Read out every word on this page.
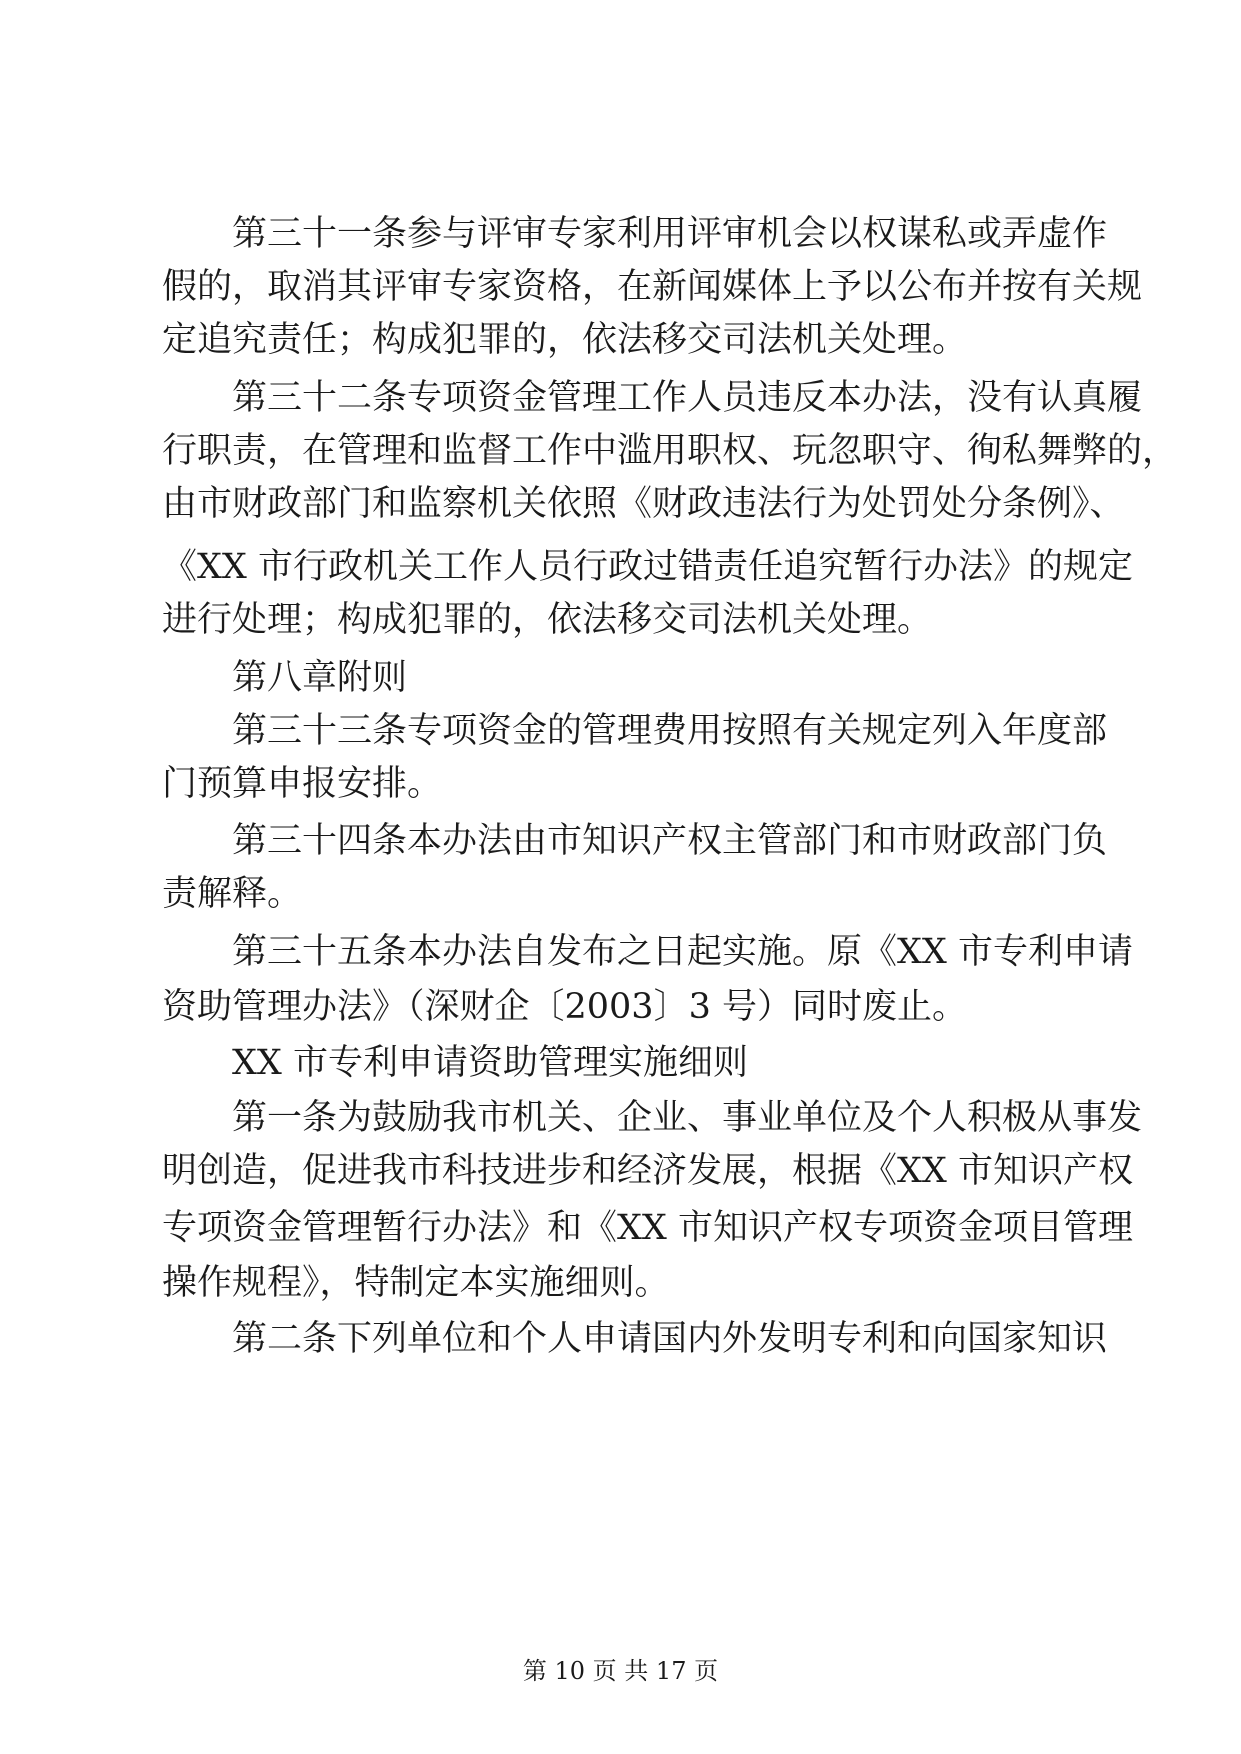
第三十一条参与评审专家利用评审机会以权谋私或弄虚作
假的，取消其评审专家资格，在新闻媒体上予以公布并按有关规
定追究责任；构成犯罪的，依法移交司法机关处理。
第三十二条专项资金管理工作人员违反本办法，没有认真履
行职责，在管理和监督工作中滥用职权、玩忽职守、徇私舞弊的，
由市财政部门和监察机关依照《财政违法行为处罚处分条例》、
《XX 市行政机关工作人员行政过错责任追究暂行办法》的规定
进行处理；构成犯罪的，依法移交司法机关处理。
第八章附则
第三十三条专项资金的管理费用按照有关规定列入年度部
门预算申报安排。
第三十四条本办法由市知识产权主管部门和市财政部门负
责解释。
第三十五条本办法自发布之日起实施。原《XX 市专利申请
资助管理办法》（深财企〔2003〕3 号）同时废止。
XX 市专利申请资助管理实施细则
第一条为鼓励我市机关、企业、事业单位及个人积极从事发
明创造，促进我市科技进步和经济发展，根据《XX 市知识产权
专项资金管理暂行办法》和《XX 市知识产权专项资金项目管理
操作规程》，特制定本实施细则。
第二条下列单位和个人申请国内外发明专利和向国家知识
第 10 页 共 17 页
